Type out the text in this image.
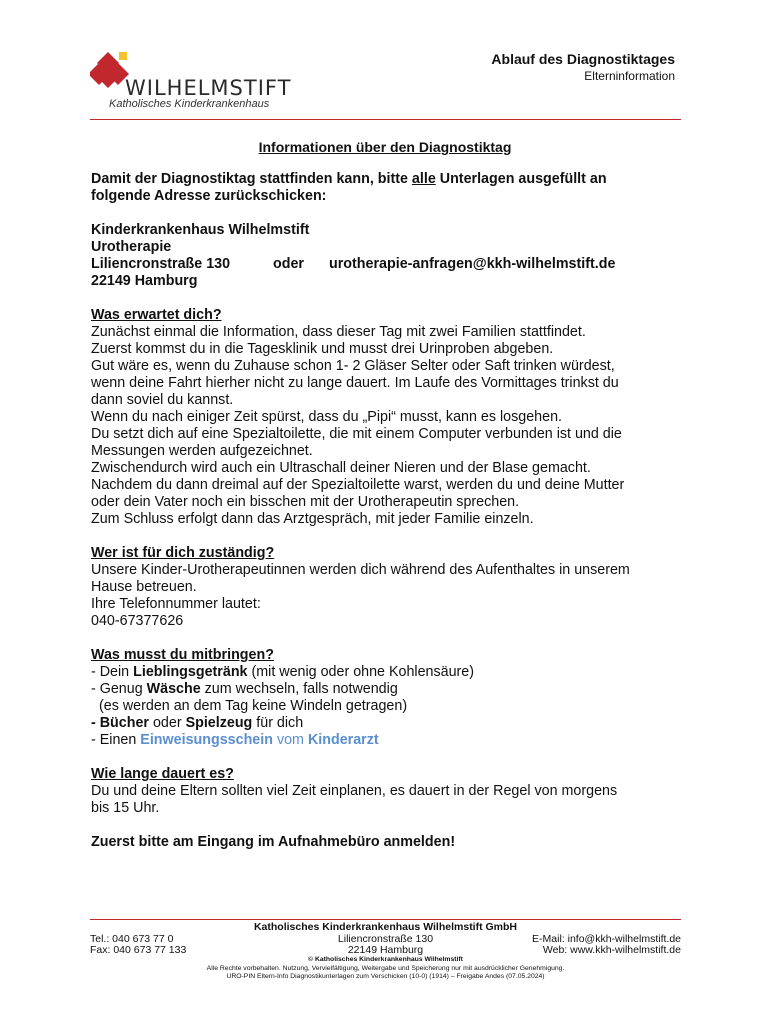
WILHELMSTIFT
Katholisches Kinderkrankenhaus
Ablauf des Diagnostiktages
Elterninformation
Informationen über den Diagnostiktag

Damit der Diagnostiktag stattfinden kann, bitte alle Unterlagen ausgefüllt an

folgende Adresse zurückschicken:

Kinderkrankenhaus Wilhelmstift

Urotherapie

Liliencronstraße 130	oder	urotherapie-anfragen@kkh-wilhelmstift.de

22149 Hamburg

Was erwartet dich?

Zunächst einmal die Information, dass dieser Tag mit zwei Familien stattfindet.

Zuerst kommst du in die Tagesklinik und musst drei Urinproben abgeben.

Gut wäre es, wenn du Zuhause schon 1- 2 Gläser Selter oder Saft trinken würdest,

wenn deine Fahrt hierher nicht zu lange dauert. Im Laufe des Vormittages trinkst du

dann soviel du kannst.

Wenn du nach einiger Zeit spürst, dass du „Pipi“ musst, kann es losgehen.

Du setzt dich auf eine Spezialtoilette, die mit einem Computer verbunden ist und die

Messungen werden aufgezeichnet.

Zwischendurch wird auch ein Ultraschall deiner Nieren und der Blase gemacht.

Nachdem du dann dreimal auf der Spezialtoilette warst, werden du und deine Mutter

oder dein Vater noch ein bisschen mit der Urotherapeutin sprechen.

Zum Schluss erfolgt dann das Arztgespräch, mit jeder Familie einzeln.

Wer ist für dich zuständig?

Unsere Kinder-Urotherapeutinnen werden dich während des Aufenthaltes in unserem

Hause betreuen.

Ihre Telefonnummer lautet:

040-67377626

Was musst du mitbringen?

- Dein Lieblingsgetränk (mit wenig oder ohne Kohlensäure)

- Genug Wäsche zum wechseln, falls notwendig

(es werden an dem Tag keine Windeln getragen)

- Bücher oder Spielzeug für dich

- Einen Einweisungsschein vom Kinderarzt

Wie lange dauert es?

Du und deine Eltern sollten viel Zeit einplanen, es dauert in der Regel von morgens

bis 15 Uhr.

Zuerst bitte am Eingang im Aufnahmebüro anmelden!

Katholisches Kinderkrankenhaus Wilhelmstift GmbH
Liliencronstraße 130
22149 Hamburg
Tel.: 040 673 77 0
Fax: 040 673 77 133
E-Mail: info@kkh-wilhelmstift.de
Web: www.kkh-wilhelmstift.de
© Katholisches Kinderkrankenhaus Wilhelmstift
Alle Rechte vorbehalten. Nutzung, Vervielfältigung, Weitergabe und Speicherung nur mit ausdrücklicher Genehmigung.
URO-PIN Eltern-Info Diagnostikunterlagen zum Verschicken (10-0) (1914) – Freigabe Andes (07.05.2024)
